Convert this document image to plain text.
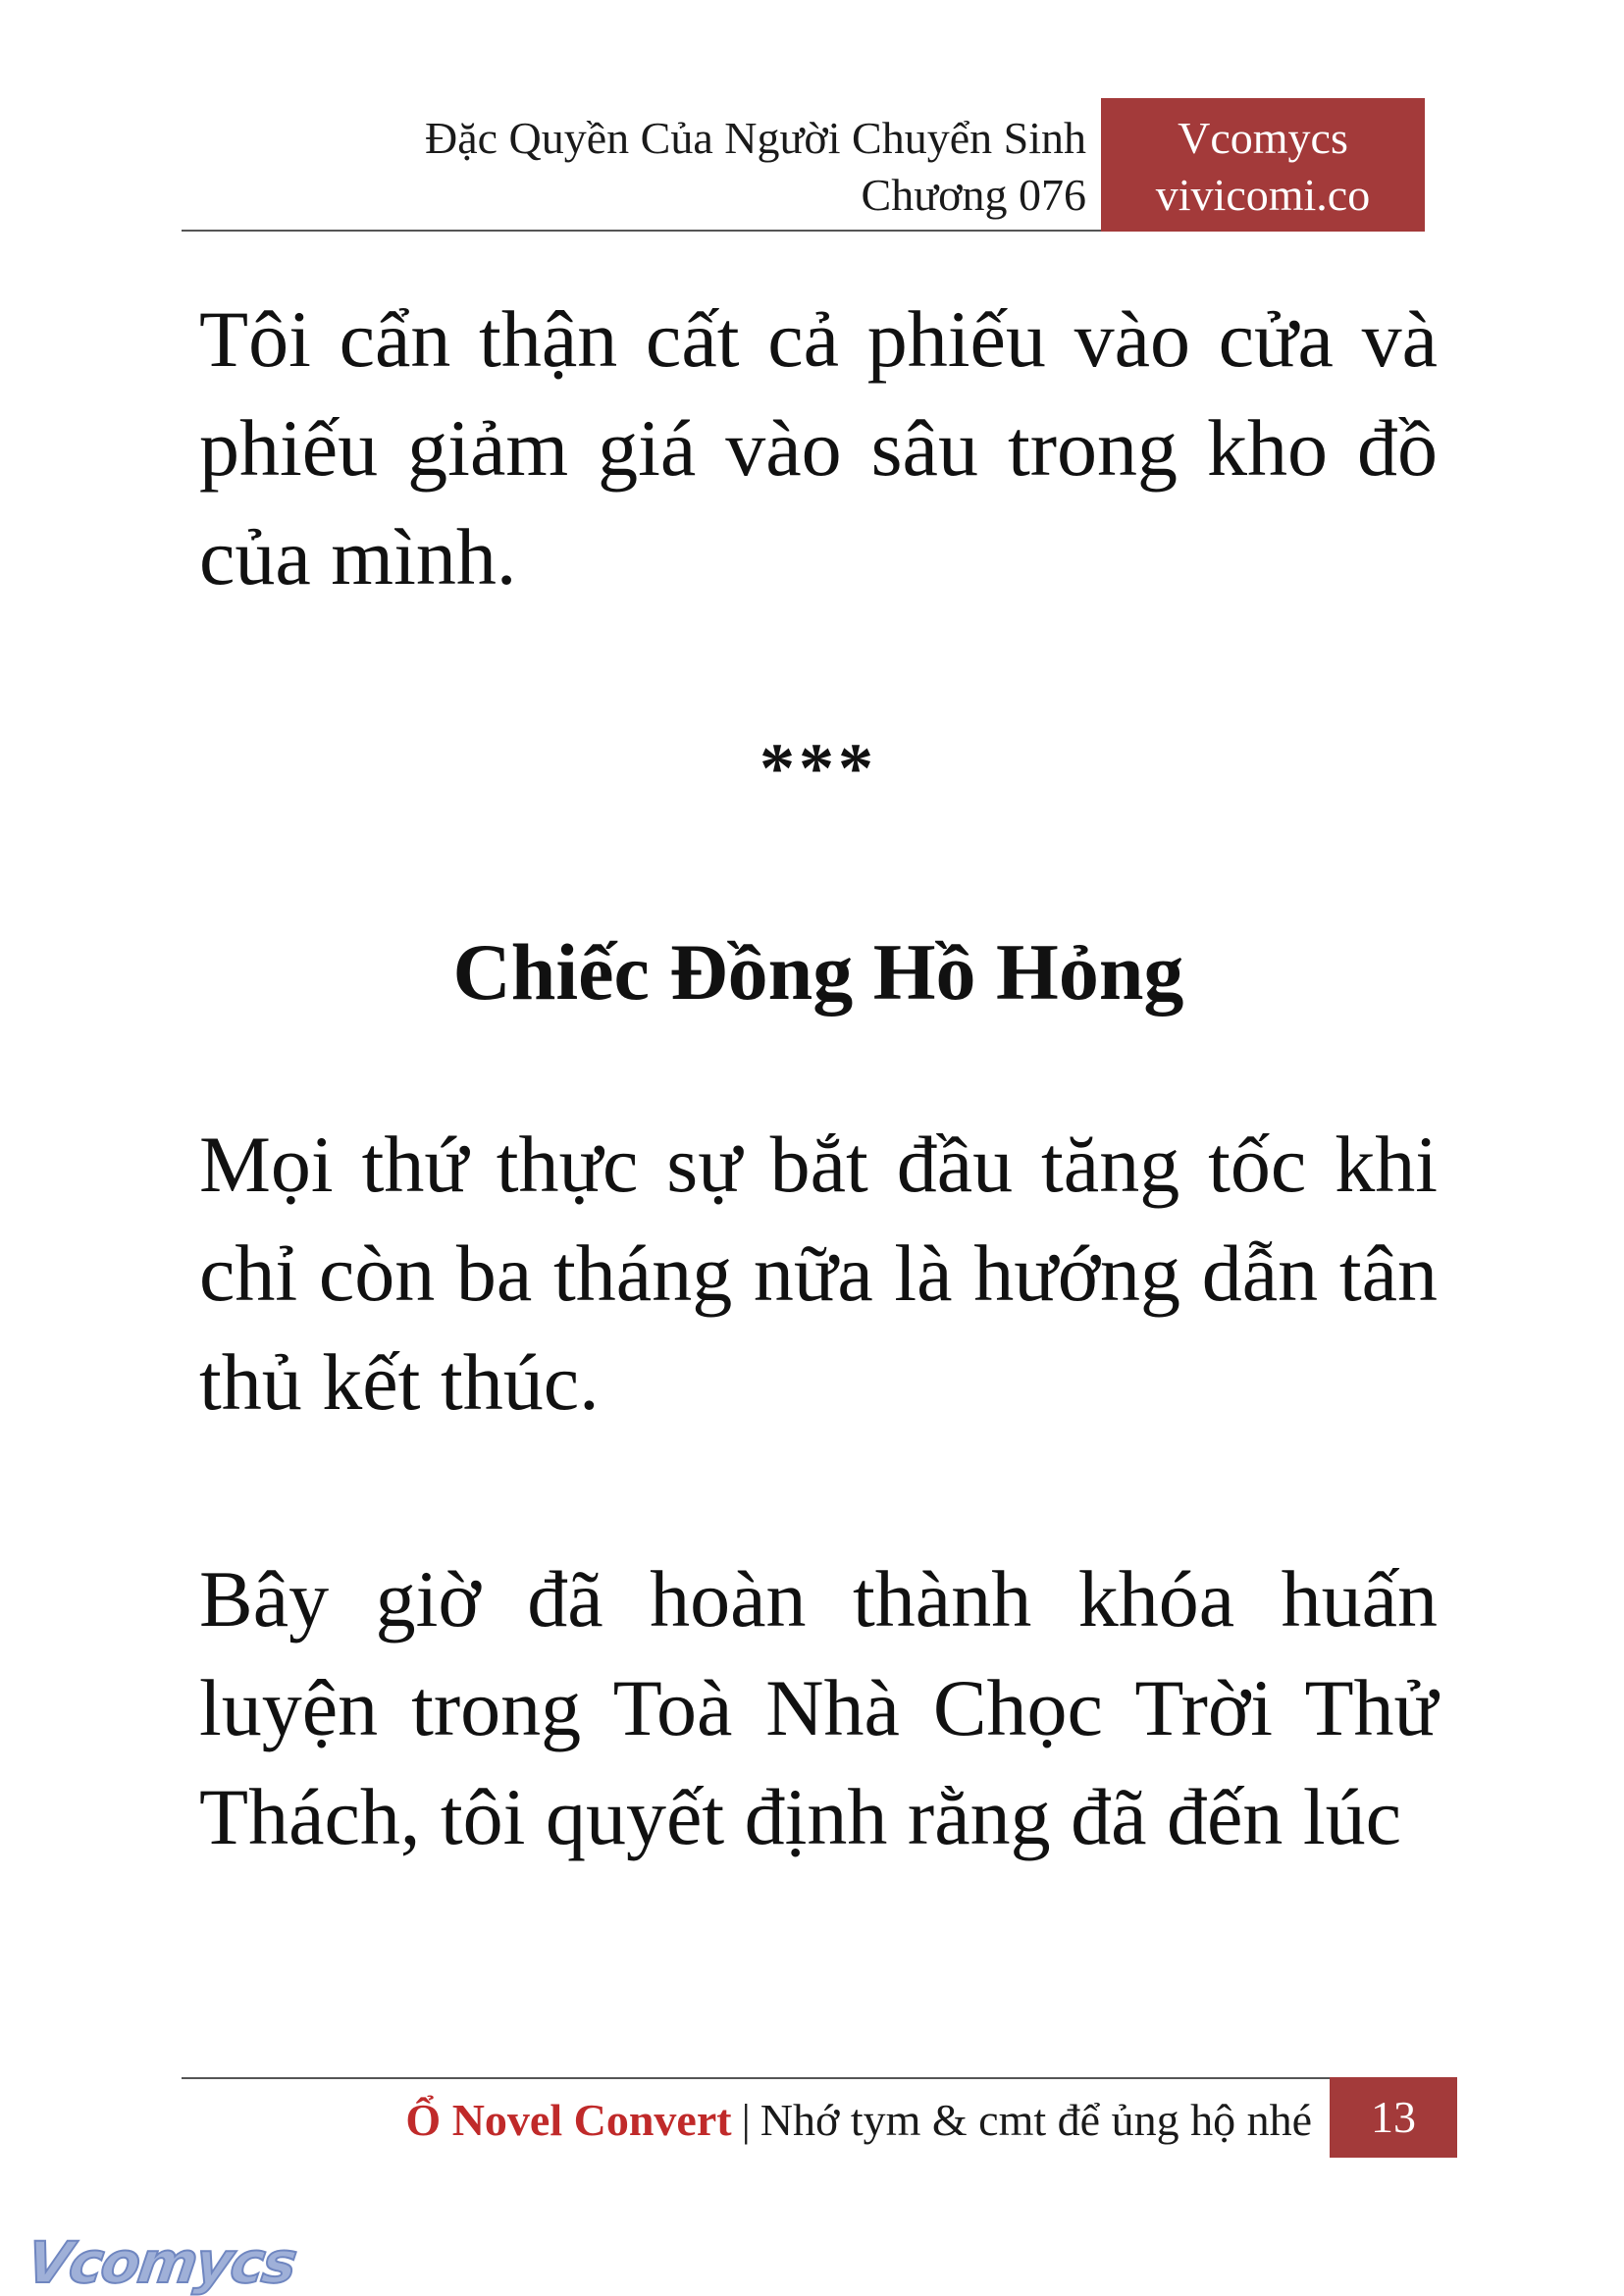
Đặc Quyền Của Người Chuyển Sinh
Chương 076
Vcomycs
vivicomi.co

Tôi cẩn thận cất cả phiếu vào cửa và phiếu giảm giá vào sâu trong kho đồ của mình.

***
Chiếc Đồng Hồ Hỏng

Mọi thứ thực sự bắt đầu tăng tốc khi chỉ còn ba tháng nữa là hướng dẫn tân thủ kết thúc.

Bây giờ đã hoàn thành khóa huấn luyện trong Toà Nhà Chọc Trời Thử Thách, tôi quyết định rằng đã đến lúc

Ổ Novel Convert | Nhớ tym & cmt để ủng hộ nhé	13
Vcomycs
